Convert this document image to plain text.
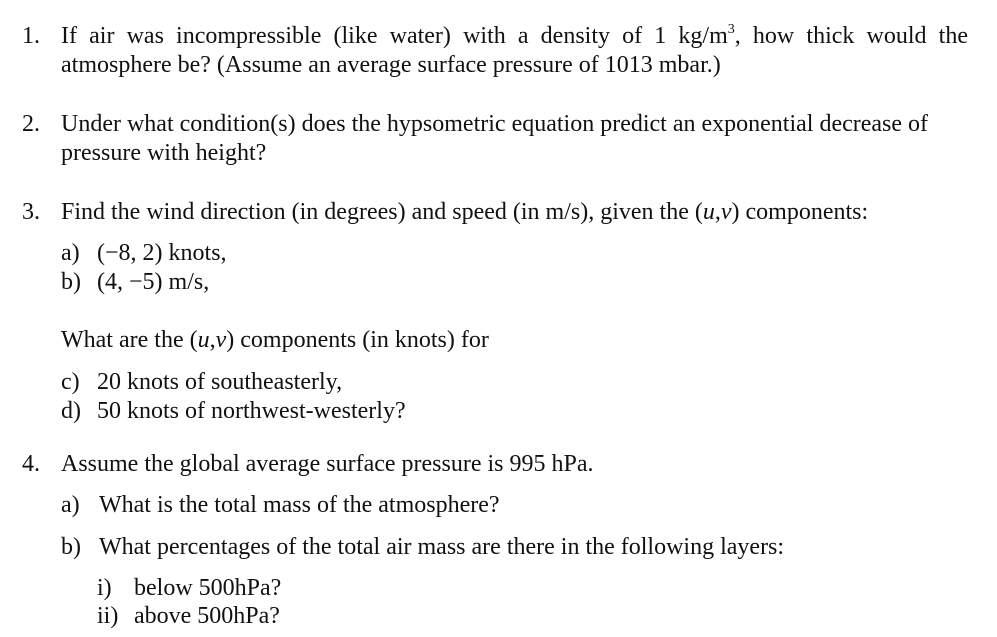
1. If air was incompressible (like water) with a density of 1 $kg/m^3$, how thick would the
atmosphere be? (Assume an average surface pressure of 1013 mbar.)
2. Under what condition(s) does the hypsometric equation predict an exponential decrease of
pressure with height?
3. Find the wind direction (in degrees) and speed (in m/s), given the (u,v) components:
a) (−8, 2) knots,
b) (4, −5) m/s,
What are the (u,v) components (in knots) for
c) 20 knots of southeasterly,
d) 50 knots of northwest-westerly?
4. Assume the global average surface pressure is 995 hPa.
a) What is the total mass of the atmosphere?
b) What percentages of the total air mass are there in the following layers:
i) below 500hPa?
ii) above 500hPa?
